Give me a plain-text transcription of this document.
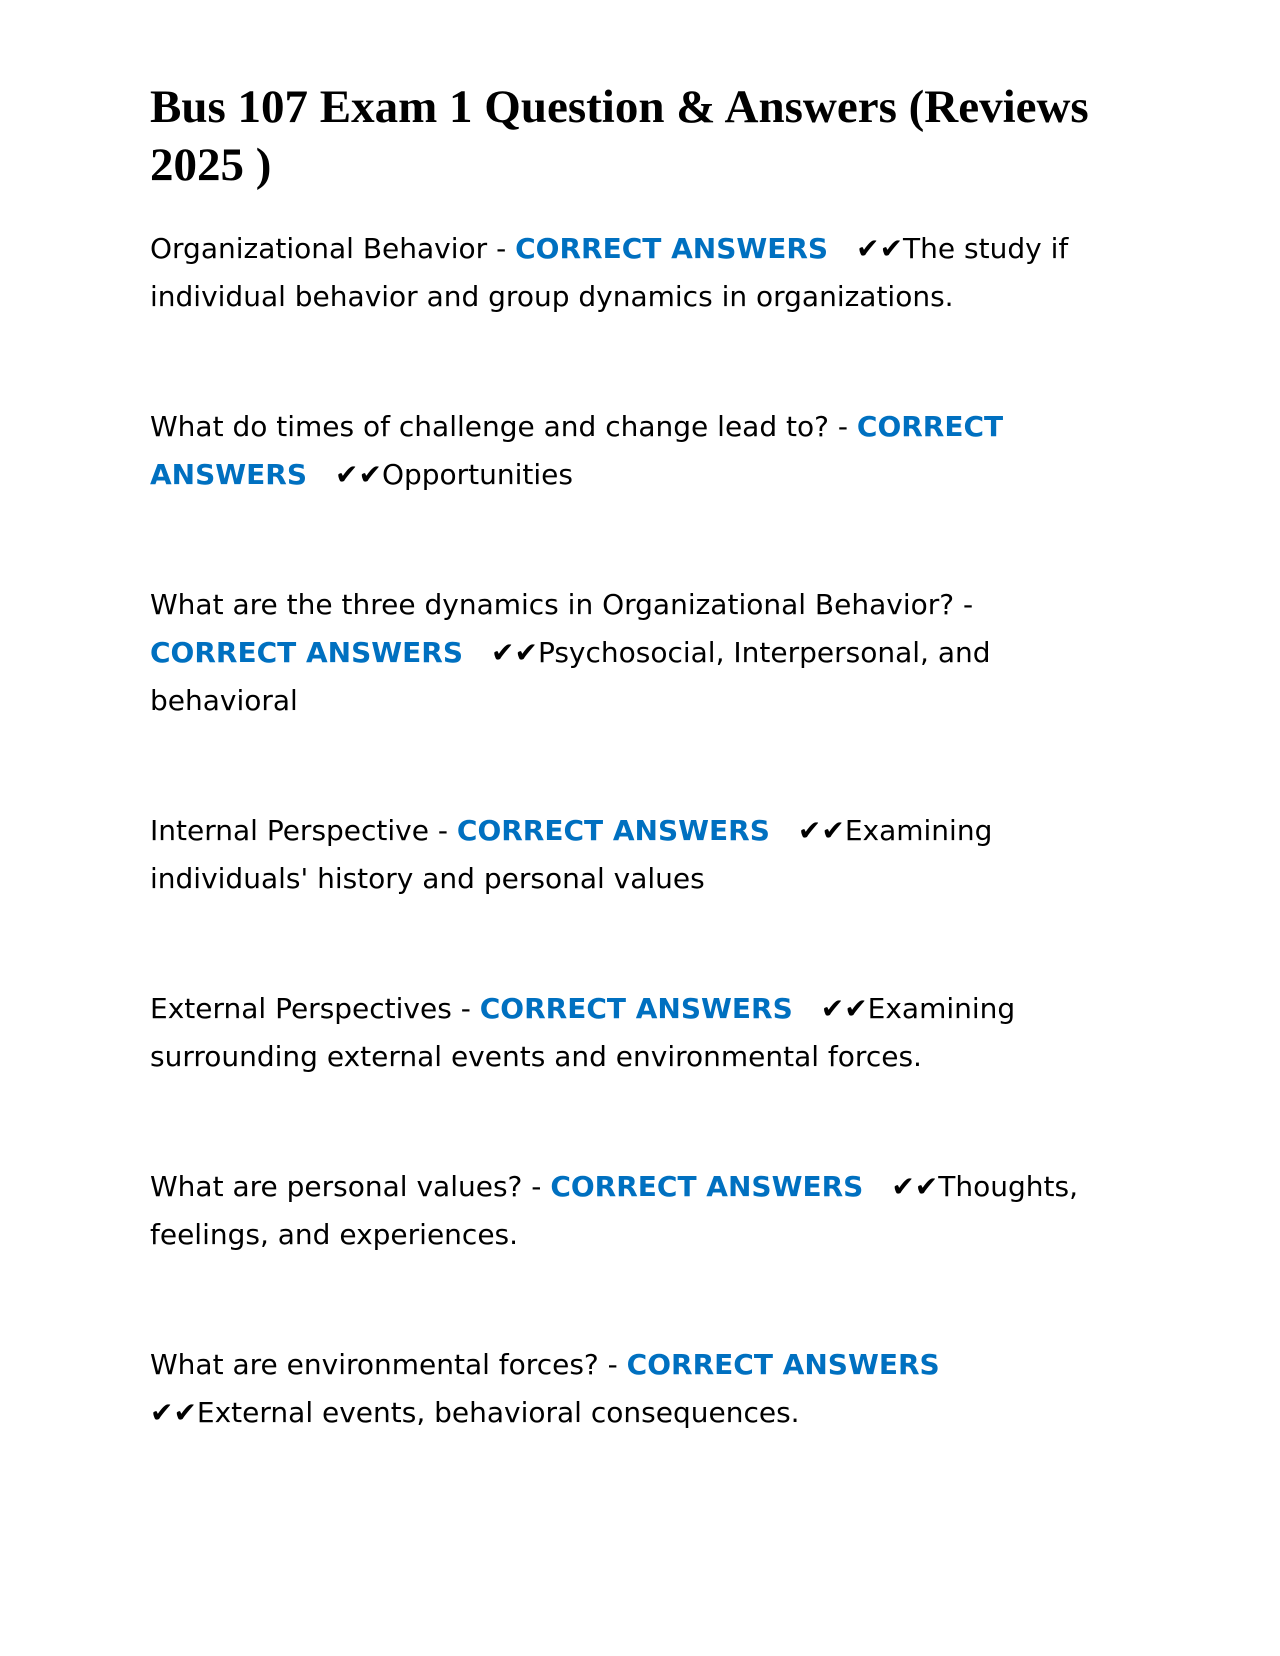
Bus 107 Exam 1 Question & Answers (Reviews 2025 )
Organizational Behavior - CORRECT ANSWERS ✔✔The study if individual behavior and group dynamics in organizations.
What do times of challenge and change lead to? - CORRECT ANSWERS ✔✔Opportunities
What are the three dynamics in Organizational Behavior? - CORRECT ANSWERS ✔✔Psychosocial, Interpersonal, and behavioral
Internal Perspective - CORRECT ANSWERS ✔✔Examining individuals' history and personal values
External Perspectives - CORRECT ANSWERS ✔✔Examining surrounding external events and environmental forces.
What are personal values? - CORRECT ANSWERS ✔✔Thoughts, feelings, and experiences.
What are environmental forces? - CORRECT ANSWERS✔✔External events, behavioral consequences.
